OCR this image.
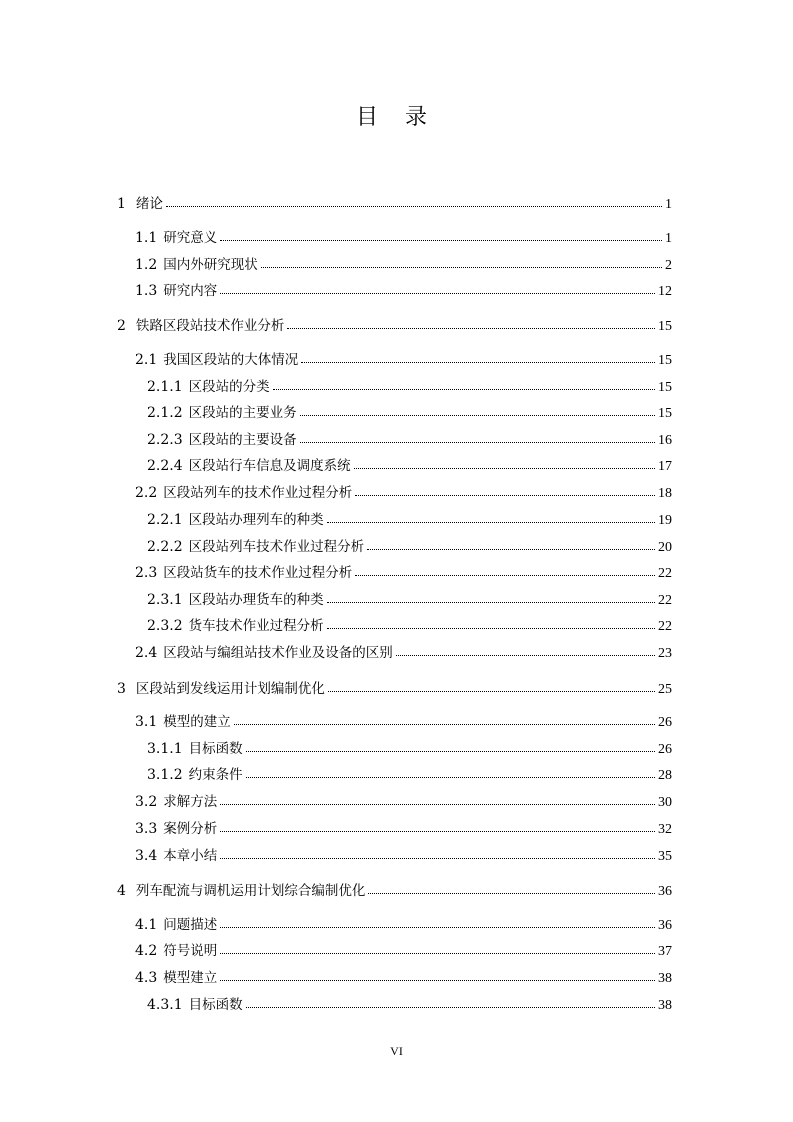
目 录
1 绪论	1
1.1 研究意义	1
1.2 国内外研究现状	2
1.3 研究内容	12
2 铁路区段站技术作业分析	15
2.1 我国区段站的大体情况	15
2.1.1 区段站的分类	15
2.1.2 区段站的主要业务	15
2.2.3 区段站的主要设备	16
2.2.4 区段站行车信息及调度系统	17
2.2 区段站列车的技术作业过程分析	18
2.2.1 区段站办理列车的种类	19
2.2.2 区段站列车技术作业过程分析	20
2.3 区段站货车的技术作业过程分析	22
2.3.1 区段站办理货车的种类	22
2.3.2 货车技术作业过程分析	22
2.4 区段站与编组站技术作业及设备的区别	23
3 区段站到发线运用计划编制优化	25
3.1 模型的建立	26
3.1.1 目标函数	26
3.1.2 约束条件	28
3.2 求解方法	30
3.3 案例分析	32
3.4 本章小结	35
4 列车配流与调机运用计划综合编制优化	36
4.1 问题描述	36
4.2 符号说明	37
4.3 模型建立	38
4.3.1 目标函数	38
VI
